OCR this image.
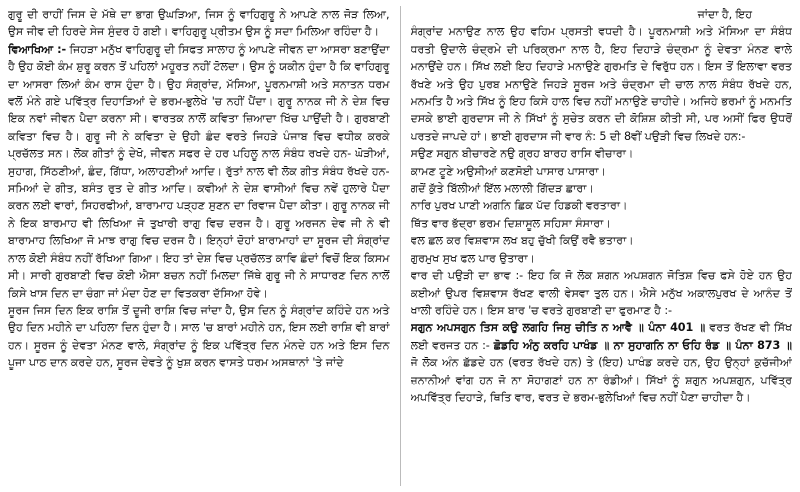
ਗੁਰੂ ਦੀ ਰਾਹੀਂ ਜਿਸ ਦੇ ਮੱਥੇ ਦਾ ਭਾਗ ਉਘੜਿਆ, ਜਿਸ ਨੂੰ ਵਾਹਿਗੁਰੂ ਨੇ ਆਪਣੇ ਨਾਲ ਜੋੜ ਲਿਆ, ਉਸ ਜੀਵ ਦੀ ਹਿਰਦੇ ਸੇਜ ਸੁੰਦਰ ਹੋ ਗਈ। ਵਾਹਿਗੁਰੂ ਪ੍ਰੀਤਮ ਉਸ ਨੂੰ ਸਦਾ ਮਿਲਿਆ ਰਹਿੰਦਾ ਹੈ।

ਵਿਆਖਿਆ :- ਜਿਹੜਾ ਮਨੁੱਖ ਵਾਹਿਗੁਰੂ ਦੀ ਸਿਫਤ ਸਾਲਾਹ ਨੂੰ ਆਪਣੇ ਜੀਵਨ ਦਾ ਆਸਰਾ ਬਣਾਉਂਦਾ ਹੈ ਉਹ ਕੋਈ ਕੰਮ ਸ਼ੁਰੂ ਕਰਨ ਤੋਂ ਪਹਿਲਾਂ ਮਹੂਰਤ ਨਹੀਂ ਟੋਲਦਾ। ਉਸ ਨੂੰ ਯਕੀਨ ਹੁੰਦਾ ਹੈ ਕਿ ਵਾਹਿਗੁਰੂ ਦਾ ਆਸਰਾ ਲਿਆਂ ਕੰਮ ਰਾਸ ਹੁੰਦਾ ਹੈ। ਉਹ ਸੰਗ੍ਰਾਂਦ, ਮੱਸਿਆ, ਪੂਰਨਮਾਸ਼ੀ ਅਤੇ ਸਨਾਤਨ ਧਰਮ ਵਲੋਂ ਮੰਨੇ ਗਏ ਪਵਿੱਤ੍ਰ ਦਿਹਾੜਿਆਂ ਦੇ ਭਰਮ-ਭੁਲੇਖੇ 'ਚ ਨਹੀਂ ਪੈਂਦਾ। ਗੁਰੂ ਨਾਨਕ ਜੀ ਨੇ ਦੇਸ਼ ਵਿਚ ਇਕ ਨਵਾਂ ਜੀਵਨ ਪੈਦਾ ਕਰਨਾ ਸੀ। ਵਾਰਤਕ ਨਾਲੋਂ ਕਵਿਤਾ ਜ਼ਿਆਦਾ ਖਿੱਚ ਪਾਉਂਦੀ ਹੈ। ਗੁਰਬਾਣੀ ਕਵਿਤਾ ਵਿਚ ਹੈ। ਗੁਰੂ ਜੀ ਨੇ ਕਵਿਤਾ ਦੇ ਉਹੀ ਛੰਦ ਵਰਤੇ ਜਿਹੜੇ ਪੰਜਾਬ ਵਿਚ ਵਧੀਕ ਕਰਕੇ ਪ੍ਰਚੱਲਤ ਸਨ। ਲੋਕ ਗੀਤਾਂ ਨੂੰ ਦੇਖੋ, ਜੀਵਨ ਸਫਰ ਦੇ ਹਰ ਪਹਿਲੂ ਨਾਲ ਸੰਬੰਧ ਰਖਦੇ ਹਨ- ਘੋੜੀਆਂ, ਸੁਹਾਗ, ਸਿੱਠਣੀਆਂ, ਛੰਦ, ਗਿੱਧਾ, ਅਲਾਹਣੀਆਂ ਆਦਿ। ਰੁੱਤਾਂ ਨਾਲ ਵੀ ਲੋਕ ਗੀਤ ਸੰਬੰਧ ਰੱਖਦੇ ਹਨ- ਸਮਿਆਂ ਦੇ ਗੀਤ, ਬਸੰਤ ਰੁਤ ਦੇ ਗੀਤ ਆਦਿ। ਕਵੀਆਂ ਨੇ ਦੇਸ਼ ਵਾਸੀਆਂ ਵਿਚ ਨਵੇਂ ਹੁਲਾਰੇ ਪੈਦਾ ਕਰਨ ਲਈ ਵਾਰਾਂ, ਸਿਹਰਫੀਆਂ, ਬਾਰਾਮਾਹ ਪੜ੍ਹਣ ਸੁਣਨ ਦਾ ਰਿਵਾਜ ਪੈਦਾ ਕੀਤਾ। ਗੁਰੂ ਨਾਨਕ ਜੀ ਨੇ ਇਕ ਬਾਰਮਾਹ ਵੀ ਲਿਖਿਆ ਜੋ ਤੁਖਾਰੀ ਰਾਗੁ ਵਿਚ ਦਰਜ ਹੈ। ਗੁਰੂ ਅਰਜਨ ਦੇਵ ਜੀ ਨੇ ਵੀ ਬਾਰਾਮਾਹ ਲਿਖਿਆ ਜੋ ਮਾਝ ਰਾਗੁ ਵਿਚ ਦਰਜ ਹੈ। ਇਨ੍ਹਾਂ ਦੋਹਾਂ ਬਾਰਾਮਾਹਾਂ ਦਾ ਸੂਰਜ ਦੀ ਸੰਗ੍ਰਾਂਦ ਨਾਲ ਕੋਈ ਸੰਬੰਧ ਨਹੀਂ ਰੱਖਿਆ ਗਿਆ। ਇਹ ਤਾਂ ਦੇਸ਼ ਵਿਚ ਪ੍ਰਚੱਲਤ ਕਾਵਿ ਛੰਦਾਂ ਵਿਚੋਂ ਇਕ ਕਿਸਮ ਸੀ। ਸਾਰੀ ਗੁਰਬਾਣੀ ਵਿਚ ਕੋਈ ਐਸਾ ਬਚਨ ਨਹੀਂ ਮਿਲਦਾ ਜਿੱਥੇ ਗੁਰੂ ਜੀ ਨੇ ਸਾਧਾਰਣ ਦਿਨ ਨਾਲੋਂ ਕਿਸੇ ਖਾਸ ਦਿਨ ਦਾ ਚੰਗਾ ਜਾਂ ਮੰਦਾ ਹੋਣ ਦਾ ਵਿਤਕਰਾ ਦੱਸਿਆ ਹੋਵੇ।

ਸੂਰਜ ਜਿਸ ਦਿਨ ਇਕ ਰਾਸ਼ਿ ਤੋਂ ਦੂਜੀ ਰਾਸ਼ਿ ਵਿਚ ਜਾਂਦਾ ਹੈ, ਉਸ ਦਿਨ ਨੂੰ ਸੰਗ੍ਰਾਂਦ ਕਹਿੰਦੇ ਹਨ ਅਤੇ ਉਹ ਦਿਨ ਮਹੀਨੇ ਦਾ ਪਹਿਲਾ ਦਿਨ ਹੁੰਦਾ ਹੈ। ਸਾਲ 'ਚ ਬਾਰਾਂ ਮਹੀਨੇ ਹਨ, ਇਸ ਲਈ ਰਾਸ਼ਿ ਵੀ ਬਾਰਾਂ ਹਨ। ਸੂਰਜ ਨੂੰ ਦੇਵਤਾ ਮੰਨਣ ਵਾਲੇ, ਸੰਗ੍ਰਾਂਦ ਨੂੰ ਇਕ ਪਵਿੱਤ੍ਰ ਦਿਨ ਮੰਨਦੇ ਹਨ ਅਤੇ ਇਸ ਦਿਨ ਪੂਜਾ ਪਾਠ ਦਾਨ ਕਰਦੇ ਹਨ, ਸੂਰਜ ਦੇਵਤੇ ਨੂੰ ਖੁਸ਼ ਕਰਨ ਵਾਸਤੇ ਧਰਮ ਅਸਥਾਨਾਂ 'ਤੇ ਜਾਂਦੇ

ਜਾਂਦਾ ਹੈ, ਇਹ

ਸੰਗ੍ਰਾਂਦ ਮਨਾਉਣ ਨਾਲ ਉਹ ਵਹਿਮ ਪ੍ਰਸਤੀ ਵਧਦੀ ਹੈ। ਪੂਰਨਮਾਸ਼ੀ ਅਤੇ ਮੱਸਿਆ ਦਾ ਸੰਬੰਧ ਧਰਤੀ ਉਦਾਲੇ ਚੰਦ੍ਰਮੇ ਦੀ ਪਰਿਕ੍ਰਮਾ ਨਾਲ ਹੈ, ਇਹ ਦਿਹਾੜੇ ਚੰਦ੍ਰਮਾ ਨੂੰ ਦੇਵਤਾ ਮੰਨਣ ਵਾਲੇ ਮਨਾਉਂਦੇ ਹਨ। ਸਿੱਖ ਲਈ ਇਹ ਦਿਹਾੜੇ ਮਨਾਉਣੇ ਗੁਰਮਤਿ ਦੇ ਵਿਰੁੱਧ ਹਨ। ਇਸ ਤੋਂ ਇਲਾਵਾ ਵਰਤ ਰੱਖਣੇ ਅਤੇ ਉਹ ਪੁਰਬ ਮਨਾਉਣੇ ਜਿਹੜੇ ਸੂਰਜ ਅਤੇ ਚੰਦ੍ਰਮਾ ਦੀ ਚਾਲ ਨਾਲ ਸੰਬੰਧ ਰੱਖਦੇ ਹਨ, ਮਨਮਤਿ ਹੈ ਅਤੇ ਸਿੱਖ ਨੂੰ ਇਹ ਕਿਸੇ ਹਾਲ ਵਿਚ ਨਹੀਂ ਮਨਾਉਣੇ ਚਾਹੀਦੇ। ਅਜਿਹੇ ਭਰਮਾਂ ਨੂੰ ਮਨਮਤਿ ਦਸਕੇ ਭਾਈ ਗੁਰਦਾਸ ਜੀ ਨੇ ਸਿੱਖਾਂ ਨੂੰ ਸੁਚੇਤ ਕਰਨ ਦੀ ਕੋਸ਼ਿਸ਼ ਕੀਤੀ ਸੀ, ਪਰ ਅਸੀਂ ਫਿਰ ਉਧਰੋਂ ਪਰਤਦੇ ਜਾਪਦੇ ਹਾਂ। ਭਾਈ ਗੁਰਦਾਸ ਜੀ ਵਾਰ ਨੰ: 5 ਦੀ 8ਵੀਂ ਪਉੜੀ ਵਿਚ ਲਿਖਦੇ ਹਨ:-

ਸਉਣ ਸਗੁਨ ਬੀਚਾਰਣੇ ਨਉ ਗ੍ਰਹ ਬਾਰਹ ਰਾਸਿ ਵੀਚਾਰਾ।
ਕਾਮਣ ਟੂਣੇ ਅਉਸੀਆਂ ਕਣਸੋਈ ਪਾਸਾਰ ਪਾਸਾਰਾ।
ਗਦੋਂ ਕੁੱਤੇ ਬਿੱਲੀਆਂ ਇੱਲ ਮਲਾਲੀ ਗਿੱਦੜ ਛਾਰਾ।
ਨਾਰਿ ਪੁਰਖ ਪਾਣੀ ਅਗਨਿ ਛਿਕ ਪੱਦ ਹਿਡਕੀ ਵਰਤਾਰਾ।
ਥਿੱਤ ਵਾਰ ਭੱਦ੍ਰਾ ਭਰਮ ਦਿਸ਼ਾਸੂਲ ਸਹਿਸਾ ਸੰਸਾਰਾ।
ਵਲ ਛਲ ਕਰ ਵਿਸ਼ਵਾਸ ਲਖ ਬਹੁ ਚੁੱਖੀ ਕਿਉਂ ਰਵੈ ਭਤਾਰਾ।
ਗੁਰਮੁਖ ਸੁਖ ਫਲ ਪਾਰ ਉਤਾਰਾ।

ਵਾਰ ਦੀ ਪਉੜੀ ਦਾ ਭਾਵ :- ਇਹ ਕਿ ਜੋ ਲੋਕ ਸ਼ਗਨ ਅਪਸ਼ਗਨ ਜੋਤਿਸ਼ ਵਿਚ ਫਸੇ ਹੋਏ ਹਨ ਉਹ ਕਈਆਂ ਉਪਰ ਵਿਸ਼ਵਾਸ ਰੱਖਣ ਵਾਲੀ ਵੇਸਵਾ ਤੁਲ ਹਨ। ਐਸੇ ਮਨੁੱਖ ਅਕਾਲਪੁਰਖ ਦੇ ਆਨੰਦ ਤੋਂ ਖਾਲੀ ਰਹਿੰਦੇ ਹਨ। ਇਸ ਬਾਰ 'ਚ ਵਰਤੇ ਗੁਰਬਾਣੀ ਦਾ ਫੁਰਮਾਣ ਹੈ :-

ਸਗੁਨ ਅਪਸਗੁਨ ਤਿਸ ਕਉ ਲਗਹਿ ਜਿਸੁ ਚੀਤਿ ਨ ਆਵੈ ॥ ਪੰਨਾ 401 ॥ ਵਰਤ ਰੱਖਣ ਵੀ ਸਿੱਖ ਲਈ ਵਰਜਤ ਹਨ :- ਛੋਡਹਿ ਅੰਨੁ ਕਰਹਿ ਪਾਖੰਡ ॥ ਨਾ ਸੁਹਾਗਨਿ ਨਾ ਓਹਿ ਰੰਡ ॥ ਪੰਨਾ 873 ॥ ਜੋ ਲੋਕ ਅੰਨ ਛੱਡਦੇ ਹਨ (ਵਰਤ ਰੱਖਦੇ ਹਨ) ਤੇ (ਇਹ) ਪਾਖੰਡ ਕਰਦੇ ਹਨ, ਉਹ ਉਨ੍ਹਾਂ ਕੁਚੱਜੀਆਂ ਜ਼ਨਾਨੀਆਂ ਵਾਂਗ ਹਨ ਜੋ ਨਾ ਸੋਹਾਗਣਾਂ ਹਨ ਨਾ ਰੰਡੀਆਂ। ਸਿੱਖਾਂ ਨੂੰ ਸ਼ਗੁਨ ਅਪਸ਼ਗੁਨ, ਪਵਿੱਤ੍ਰ ਅਪਵਿੱਤ੍ਰ ਦਿਹਾੜੇ, ਥਿਤਿ ਵਾਰ, ਵਰਤ ਦੇ ਭਰਮ-ਭੁਲੇਖਿਆਂ ਵਿਚ ਨਹੀਂ ਪੈਣਾ ਚਾਹੀਦਾ ਹੈ।
